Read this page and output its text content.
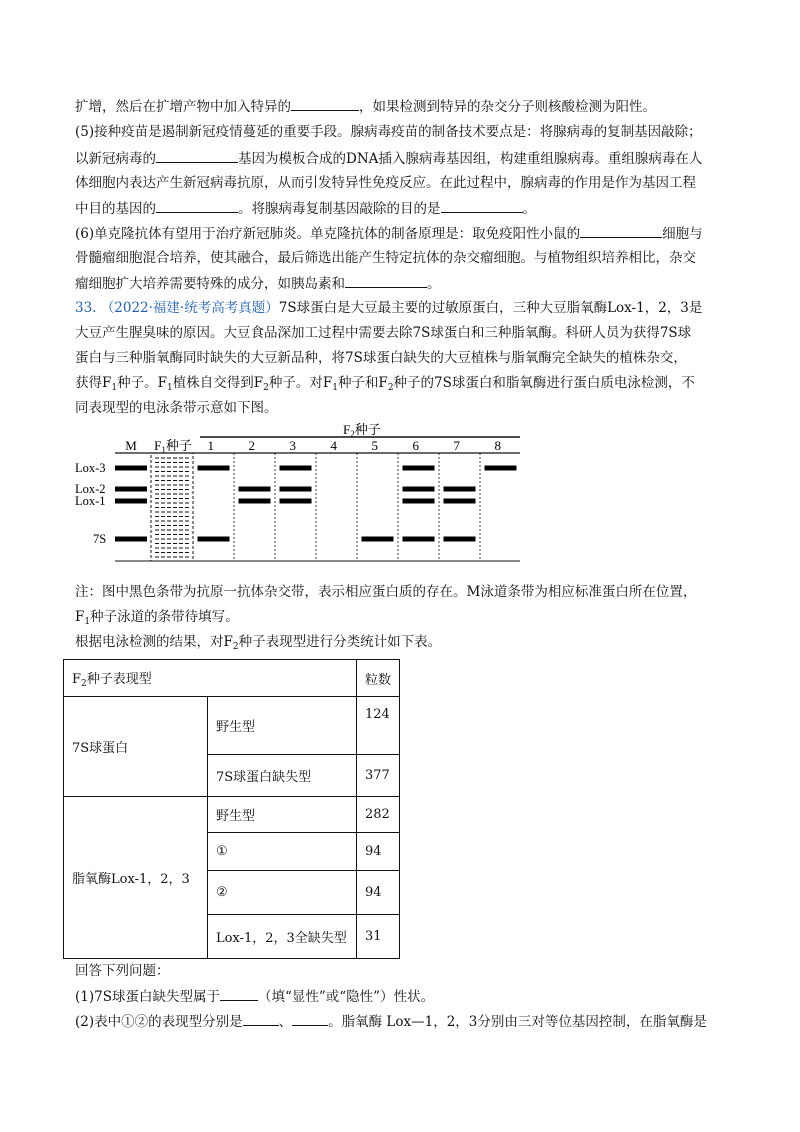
扩增，然后在扩增产物中加入特异的	，如果检测到特异的杂交分子则核酸检测为阳性。
(5)接种疫苗是遏制新冠疫情蔓延的重要手段。腺病毒疫苗的制备技术要点是：将腺病毒的复制基因敲除；
以新冠病毒的	基因为模板合成的DNA插入腺病毒基因组，构建重组腺病毒。重组腺病毒在人
体细胞内表达产生新冠病毒抗原，从而引发特异性免疫反应。在此过程中，腺病毒的作用是作为基因工程
中目的基因的	。将腺病毒复制基因敲除的目的是	。
(6)单克隆抗体有望用于治疗新冠肺炎。单克隆抗体的制备原理是：取免疫阳性小鼠的	细胞与
骨髓瘤细胞混合培养，使其融合，最后筛选出能产生特定抗体的杂交瘤细胞。与植物组织培养相比，杂交
瘤细胞扩大培养需要特殊的成分，如胰岛素和	。
33. （2022·福建·统考高考真题）7S球蛋白是大豆最主要的过敏原蛋白，三种大豆脂氧酶Lox-1，2，3是
大豆产生腥臭味的原因。大豆食品深加工过程中需要去除7S球蛋白和三种脂氧酶。科研人员为获得7S球
蛋白与三种脂氧酶同时缺失的大豆新品种，将7S球蛋白缺失的大豆植株与脂氧酶完全缺失的植株杂交，
获得$F_1$种子。$F_1$植株自交得到$F_2$种子。对$F_1$种子和$F_2$种子的7S球蛋白和脂氧酶进行蛋白质电泳检测，不
同表现型的电泳条带示意如下图。
$F_2$种子
M $F_1$种子 1	2	3	4	5	6	7	8
Lox-3
Lox-2
Lox-1
7S
注：图中黑色条带为抗原一抗体杂交带，表示相应蛋白质的存在。M泳道条带为相应标准蛋白所在位置，
$F_1$种子泳道的条带待填写。
根据电泳检测的结果，对$F_2$种子表现型进行分类统计如下表。
$F_2$种子表现型		粒数
7S球蛋白	野生型	124
	7S球蛋白缺失型	377
脂氧酶Lox-1，2，3	野生型	282
	①	94
	②	94
	Lox-1，2，3全缺失型	31
回答下列问题：
(1)7S球蛋白缺失型属于	（填“显性”或“隐性”）性状。
(2)表中①②的表现型分别是	、	。脂氧酶 Lox—1，2，3分别由三对等位基因控制，在脂氧酶是
